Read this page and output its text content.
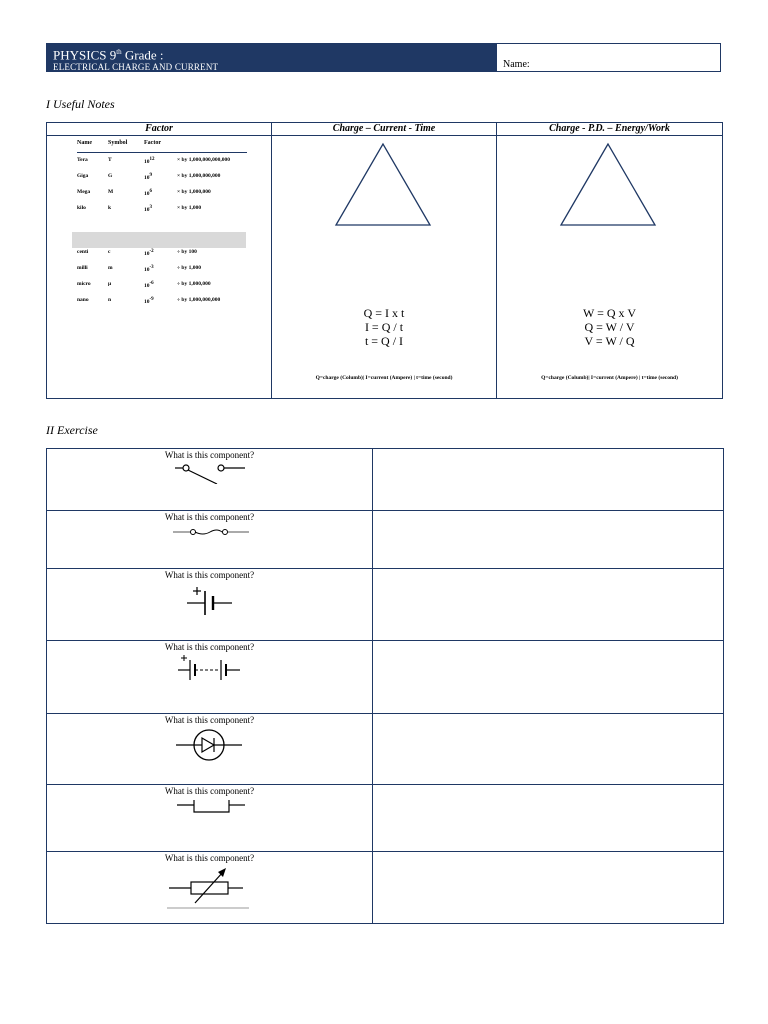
PHYSICS 9th Grade :
ELECTRICAL CHARGE AND CURRENT	Name:
I Useful Notes
Factor	Charge – Current - Time	Charge - P.D. – Energy/Work

Name	Symbol	Factor	

Tera	T	$10^{12}$	× by 1,000,000,000,000
Giga	G	$10^9$	× by 1,000,000,000
Mega	M	$10^6$	× by 1,000,000
kilo	k	$10^3$	× by 1,000

centi	c	$10^{-2}$	÷ by 100
milli	m	$10^{-3}$	÷ by 1,000
micro	μ	$10^{-6}$	÷ by 1,000,000
nano	n	$10^{-9}$	÷ by 1,000,000,000

Q = I x t
I = Q / t
t = Q / I
Q=charge (Columb)| I=current (Ampere) | t=time (second)

W = Q x V
Q = W / V
V = W / Q
Q=charge (Columb)| I=current (Ampere) | t=time (second)
II Exercise
What is this component?	

What is this component?	

What is this component?	

What is this component?	

What is this component?	

What is this component?	

What is this component?	
